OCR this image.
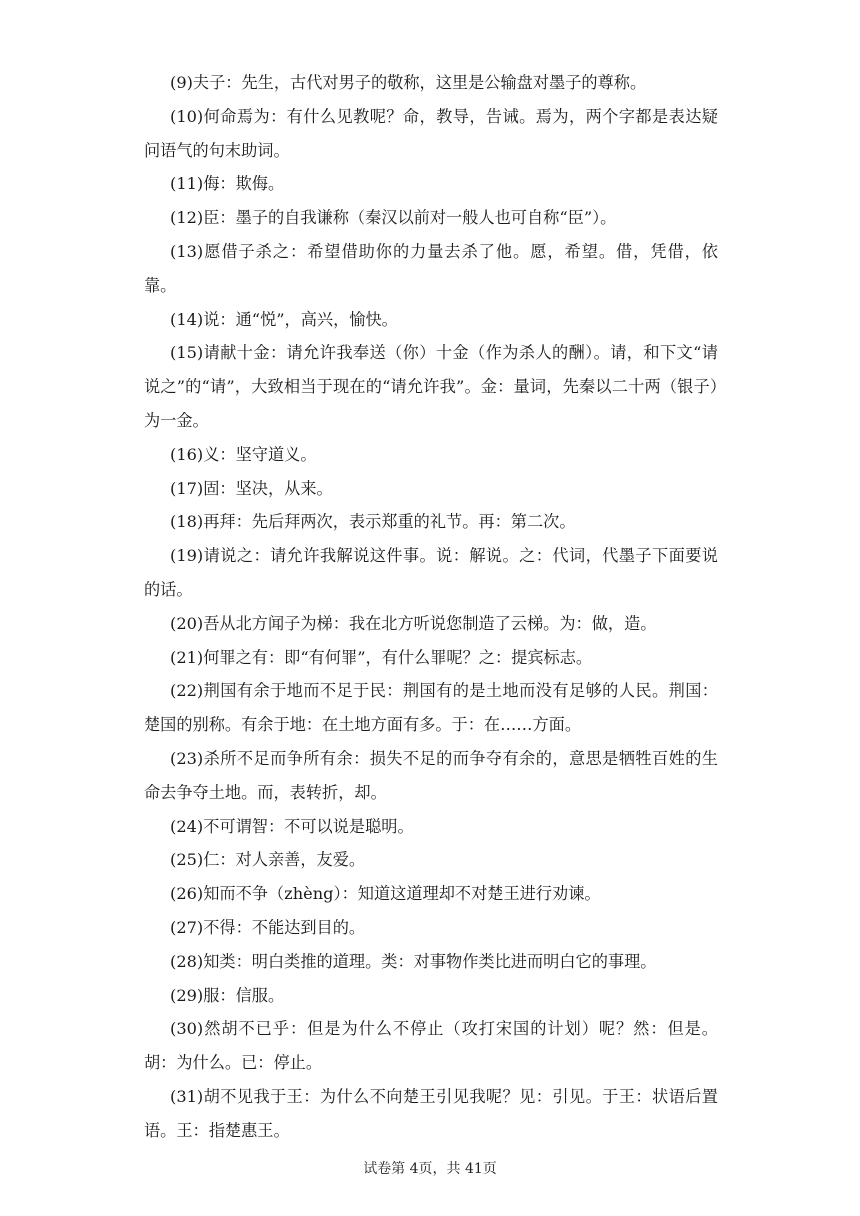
(9)夫子：先生，古代对男子的敬称，这里是公输盘对墨子的尊称。

(10)何命焉为：有什么见教呢？命，教导，告诫。焉为，两个字都是表达疑问语气的句末助词。

(11)侮：欺侮。

(12)臣：墨子的自我谦称（秦汉以前对一般人也可自称“臣”）。

(13)愿借子杀之：希望借助你的力量去杀了他。愿，希望。借，凭借，依靠。

(14)说：通“悦”，高兴，愉快。

(15)请献十金：请允许我奉送（你）十金（作为杀人的酬）。请，和下文“请说之”的“请”，大致相当于现在的“请允许我”。金：量词，先秦以二十两（银子）为一金。

(16)义：坚守道义。

(17)固：坚决，从来。

(18)再拜：先后拜两次，表示郑重的礼节。再：第二次。

(19)请说之：请允许我解说这件事。说：解说。之：代词，代墨子下面要说的话。

(20)吾从北方闻子为梯：我在北方听说您制造了云梯。为：做，造。

(21)何罪之有：即“有何罪”，有什么罪呢？之：提宾标志。

(22)荆国有余于地而不足于民：荆国有的是土地而没有足够的人民。荆国：楚国的别称。有余于地：在土地方面有多。于：在……方面。

(23)杀所不足而争所有余：损失不足的而争夺有余的，意思是牺牲百姓的生命去争夺土地。而，表转折，却。

(24)不可谓智：不可以说是聪明。

(25)仁：对人亲善，友爱。

(26)知而不争（zhèng）：知道这道理却不对楚王进行劝谏。

(27)不得：不能达到目的。

(28)知类：明白类推的道理。类：对事物作类比进而明白它的事理。

(29)服：信服。

(30)然胡不已乎：但是为什么不停止（攻打宋国的计划）呢？然：但是。胡：为什么。已：停止。

(31)胡不见我于王：为什么不向楚王引见我呢？见：引见。于王：状语后置语。王：指楚惠王。

试卷第 4页，共 41页
